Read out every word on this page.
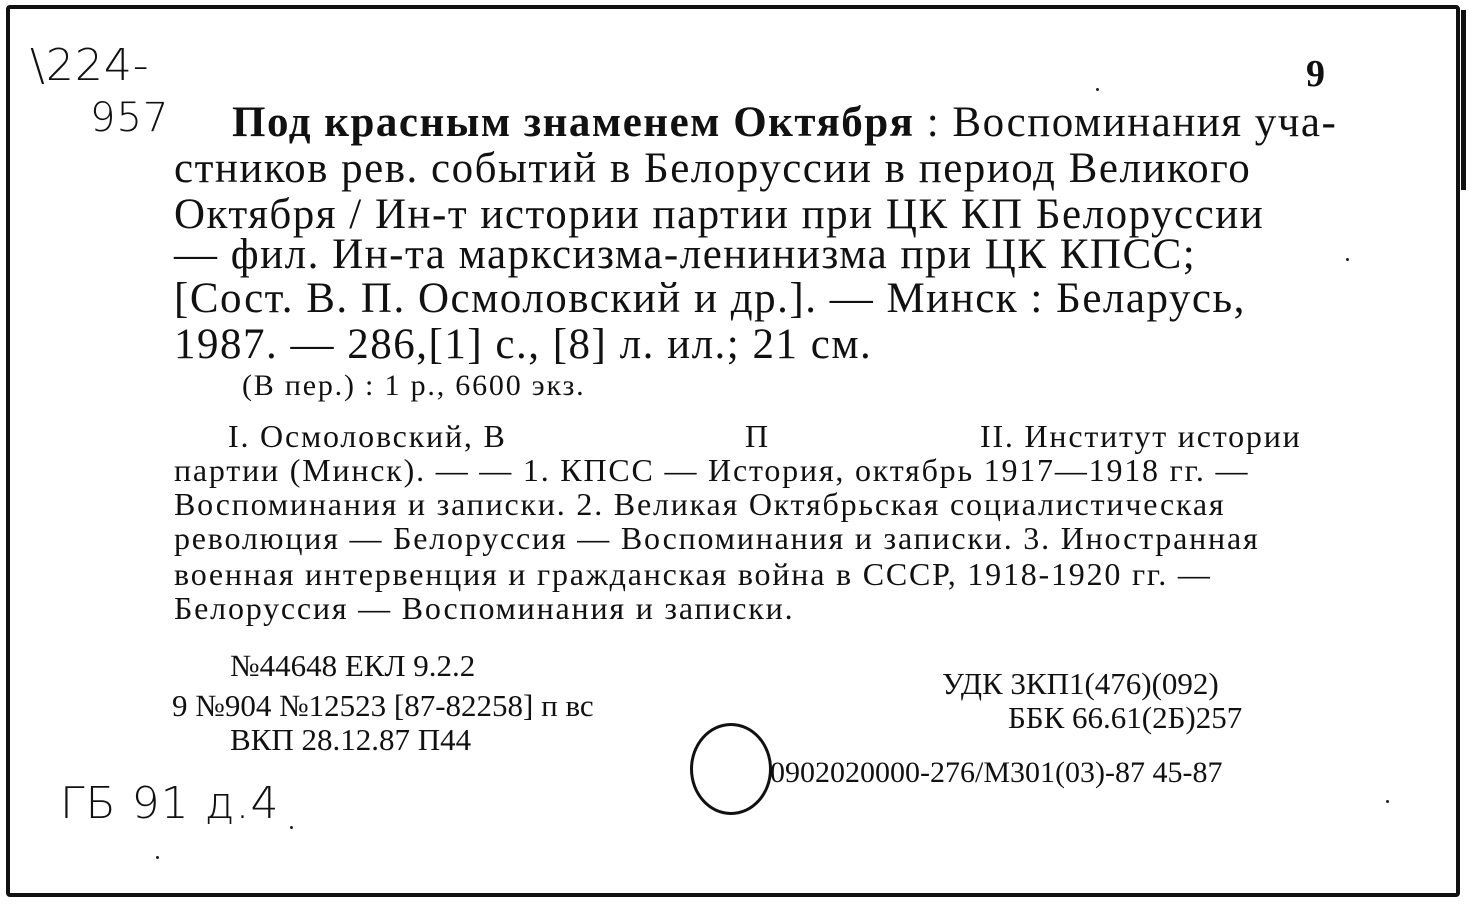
\224-
957
9
Под красным знаменем Октября : Воспоминания уча-
стников рев. событий в Белоруссии в период Великого
Октября / Ин-т истории партии при ЦК КП Белоруссии
— фил. Ин-та марксизма-ленинизма при ЦК КПСС;
[Сост. В. П. Осмоловский и др.]. — Минск : Беларусь,
1987. — 286,[1] с., [8] л. ил.; 21 см.
(В пер.) : 1 р., 6600 экз.
I. Осмоловский, В	П	II. Институт истории
партии (Минск). — — 1. КПСС — История, октябрь 1917—1918 гг. —
Воспоминания и записки. 2. Великая Октябрьская социалистическая
революция — Белоруссия — Воспоминания и записки. 3. Иностранная
военная интервенция и гражданская война в СССР, 1918-1920 гг. —
Белоруссия — Воспоминания и записки.
№44648 ЕКЛ 9.2.2
9 №904 №12523 [87-82258] п вс
ВКП 28.12.87 П44
УДК 3КП1(476)(092)
ББК 66.61(2Б)257
0902020000-276/М301(03)-87 45-87
ГБ 91 д.4
